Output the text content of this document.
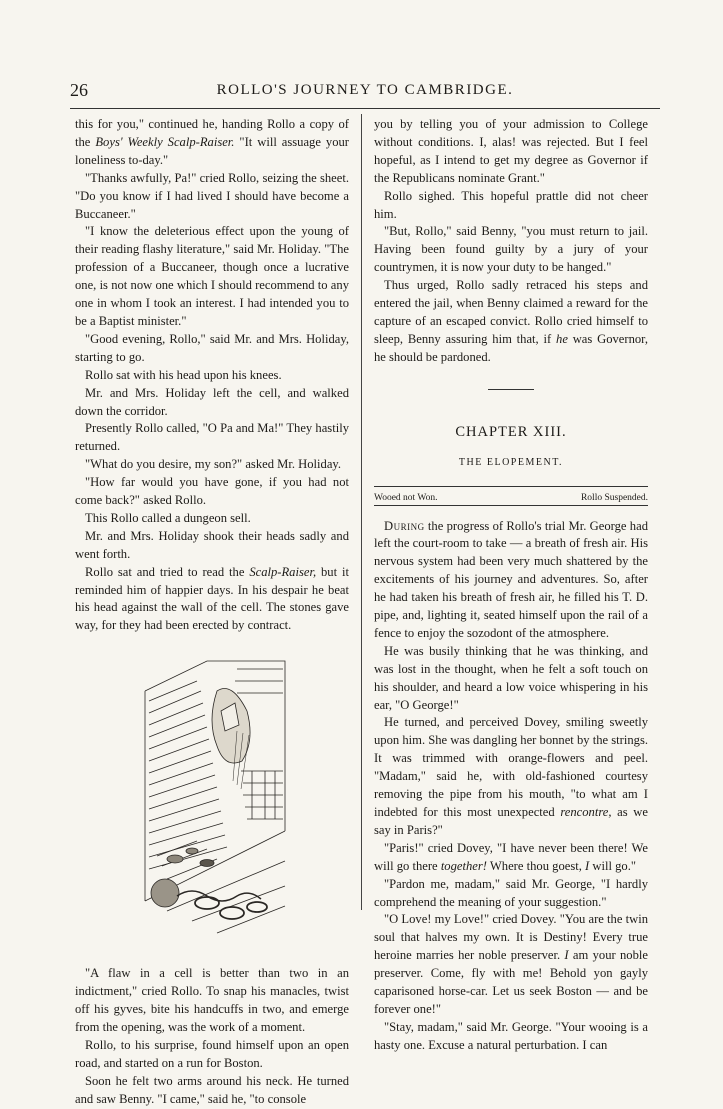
26	ROLLO'S JOURNEY TO CAMBRIDGE.

this for you," continued he, handing Rollo a copy of the Boys' Weekly Scalp-Raiser. "It will assuage your loneliness to-day."

"Thanks awfully, Pa!" cried Rollo, seizing the sheet. "Do you know if I had lived I should have become a Buccaneer."

"I know the deleterious effect upon the young of their reading flashy literature," said Mr. Holiday. "The profession of a Buccaneer, though once a lucrative one, is not now one which I should recommend to any one in whom I took an interest. I had intended you to be a Baptist minister."

"Good evening, Rollo," said Mr. and Mrs. Holiday, starting to go.

Rollo sat with his head upon his knees.

Mr. and Mrs. Holiday left the cell, and walked down the corridor.

Presently Rollo called, "O Pa and Ma!" They hastily returned.

"What do you desire, my son?" asked Mr. Holiday.

"How far would you have gone, if you had not come back?" asked Rollo.

This Rollo called a dungeon sell.

Mr. and Mrs. Holiday shook their heads sadly and went forth.

Rollo sat and tried to read the Scalp-Raiser, but it reminded him of happier days. In his despair he beat his head against the wall of the cell. The stones gave way, for they had been erected by contract.

"A flaw in a cell is better than two in an indictment," cried Rollo. To snap his manacles, twist off his gyves, bite his handcuffs in two, and emerge from the opening, was the work of a moment.

Rollo, to his surprise, found himself upon an open road, and started on a run for Boston.

Soon he felt two arms around his neck. He turned and saw Benny. "I came," said he, "to console

you by telling you of your admission to College without conditions. I, alas! was rejected. But I feel hopeful, as I intend to get my degree as Governor if the Republicans nominate Grant."

Rollo sighed. This hopeful prattle did not cheer him.

"But, Rollo," said Benny, "you must return to jail. Having been found guilty by a jury of your countrymen, it is now your duty to be hanged."

Thus urged, Rollo sadly retraced his steps and entered the jail, when Benny claimed a reward for the capture of an escaped convict. Rollo cried himself to sleep, Benny assuring him that, if he was Governor, he should be pardoned.

CHAPTER XIII.
THE ELOPEMENT.
Wooed not Won.	Rollo Suspended.

During the progress of Rollo's trial Mr. George had left the court-room to take — a breath of fresh air. His nervous system had been very much shattered by the excitements of his journey and adventures. So, after he had taken his breath of fresh air, he filled his T. D. pipe, and, lighting it, seated himself upon the rail of a fence to enjoy the sozodont of the atmosphere.

He was busily thinking that he was thinking, and was lost in the thought, when he felt a soft touch on his shoulder, and heard a low voice whispering in his ear, "O George!"

He turned, and perceived Dovey, smiling sweetly upon him. She was dangling her bonnet by the strings. It was trimmed with orange-flowers and peel. "Madam," said he, with old-fashioned courtesy removing the pipe from his mouth, "to what am I indebted for this most unexpected rencontre, as we say in Paris?"

"Paris!" cried Dovey, "I have never been there! We will go there together! Where thou goest, I will go."

"Pardon me, madam," said Mr. George, "I hardly comprehend the meaning of your suggestion."

"O Love! my Love!" cried Dovey. "You are the twin soul that halves my own. It is Destiny! Every true heroine marries her noble preserver. I am your noble preserver. Come, fly with me! Behold yon gayly caparisoned horse-car. Let us seek Boston — and be forever one!"

"Stay, madam," said Mr. George. "Your wooing is a hasty one. Excuse a natural perturbation. I can
